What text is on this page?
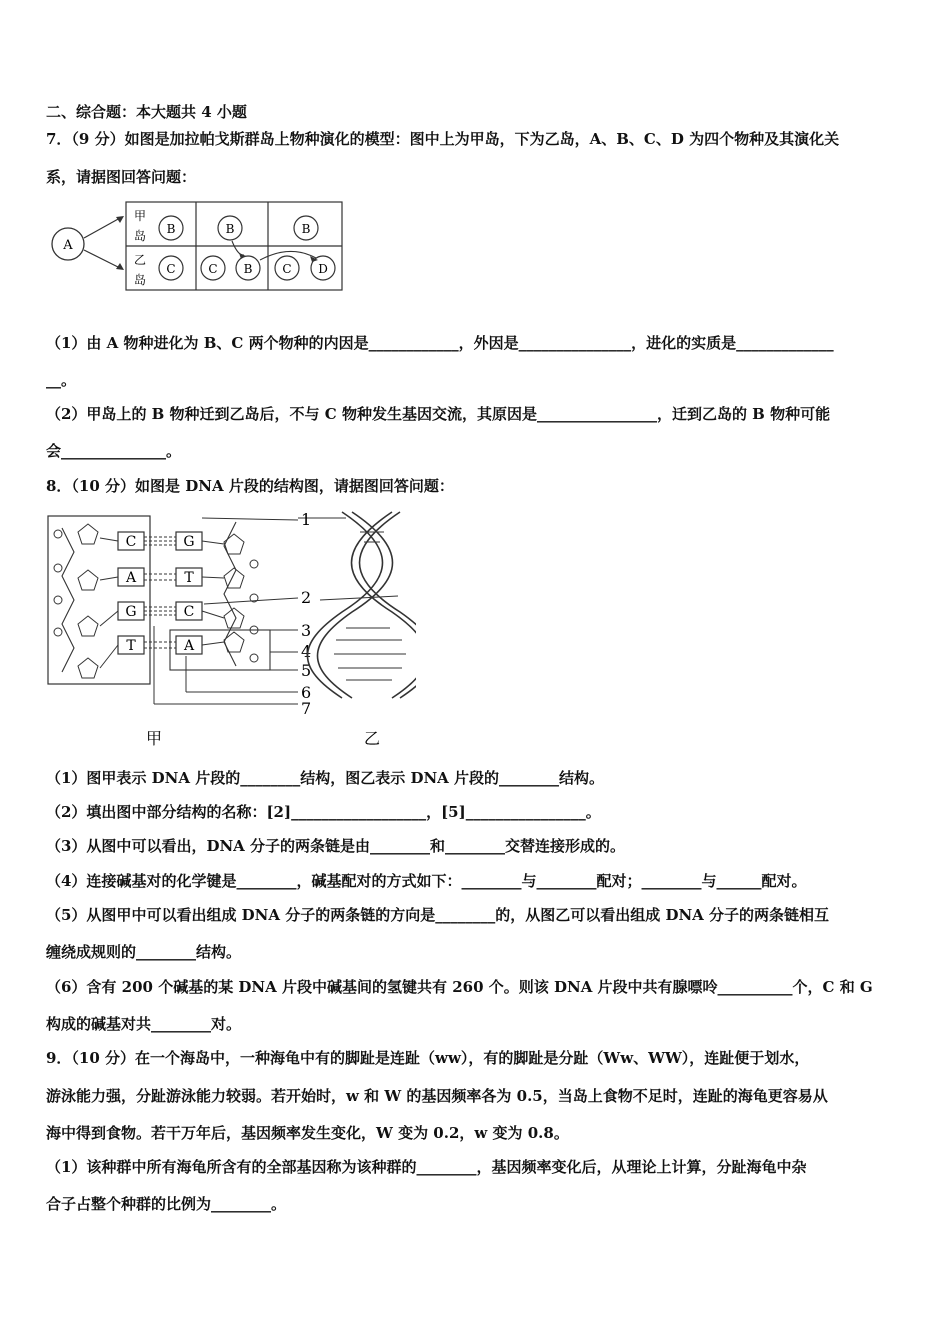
二、综合题：本大题共 4 小题
7．（9 分）如图是加拉帕戈斯群岛上物种演化的模型：图中上为甲岛，下为乙岛，A、B、C、D 为四个物种及其演化关
系，请据图回答问题：
A
甲
岛
乙
岛
B	B	B
C	C B C D
（1）由 A 物种进化为 B、C 两个物种的内因是____________，外因是_______________，进化的实质是_____________
__。
（2）甲岛上的 B 物种迁到乙岛后，不与 C 物种发生基因交流，其原因是________________，迁到乙岛的 B 物种可能
会______________。
8．（10 分）如图是 DNA 片段的结构图，请据图回答问题：
C
A
G
T
G
T
C
A
1
2
3
4
5
6
7
甲	乙
（1）图甲表示 DNA 片段的________结构，图乙表示 DNA 片段的________结构。
（2）填出图中部分结构的名称：[2]__________________，[5]________________。
（3）从图中可以看出，DNA 分子的两条链是由________和________交替连接形成的。
（4）连接碱基对的化学键是________，碱基配对的方式如下：________与________配对；________与______配对。
（5）从图甲中可以看出组成 DNA 分子的两条链的方向是________的，从图乙可以看出组成 DNA 分子的两条链相互
缠绕成规则的________结构。
（6）含有 200 个碱基的某 DNA 片段中碱基间的氢键共有 260 个。则该 DNA 片段中共有腺嘌呤__________个，C 和 G
构成的碱基对共________对。
9．（10 分）在一个海岛中，一种海龟中有的脚趾是连趾（ww），有的脚趾是分趾（Ww、WW），连趾便于划水，
游泳能力强，分趾游泳能力较弱。若开始时，w 和 W 的基因频率各为 0.5，当岛上食物不足时，连趾的海龟更容易从
海中得到食物。若干万年后，基因频率发生变化，W 变为 0.2，w 变为 0.8。
（1）该种群中所有海龟所含有的全部基因称为该种群的________，基因频率变化后，从理论上计算，分趾海龟中杂
合子占整个种群的比例为________。
